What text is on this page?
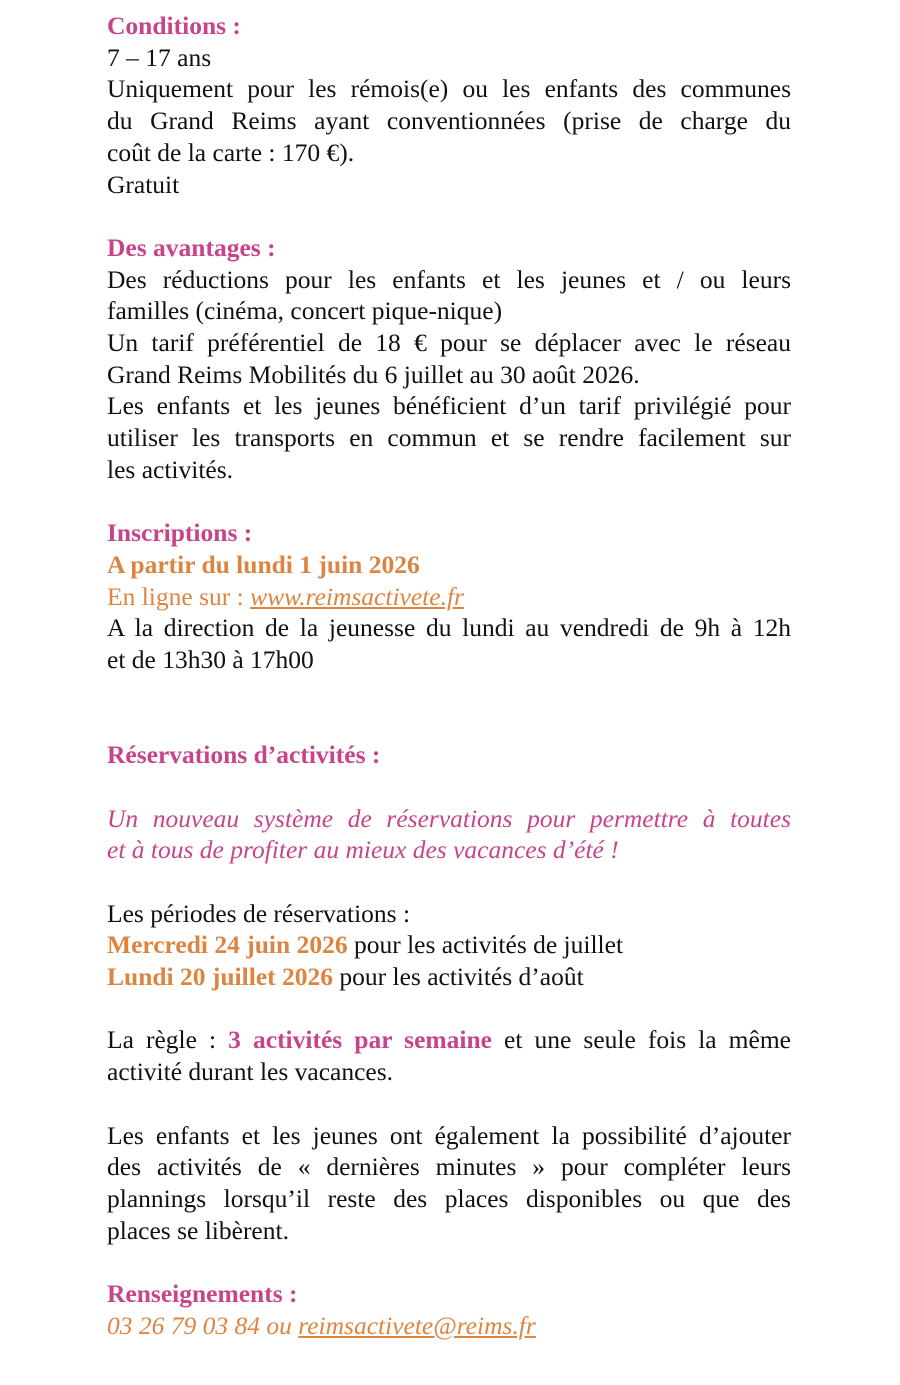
Conditions :
7 – 17 ans
Uniquement pour les rémois(e) ou les enfants des communes
du Grand Reims ayant conventionnées (prise de charge du
coût de la carte : 170 €).
Gratuit
Des avantages :
Des réductions pour les enfants et les jeunes et / ou leurs
familles (cinéma, concert pique-nique)
Un tarif préférentiel de 18 € pour se déplacer avec le réseau
Grand Reims Mobilités du 6 juillet au 30 août 2026.
Les enfants et les jeunes bénéficient d’un tarif privilégié pour
utiliser les transports en commun et se rendre facilement sur
les activités.
Inscriptions :
A partir du lundi 1 juin 2026
En ligne sur : www.reimsactivete.fr
A la direction de la jeunesse du lundi au vendredi de 9h à 12h
et de 13h30 à 17h00
Réservations d’activités :
Un nouveau système de réservations pour permettre à toutes
et à tous de profiter au mieux des vacances d’été !
Les périodes de réservations :
Mercredi 24 juin 2026 pour les activités de juillet
Lundi 20 juillet 2026 pour les activités d’août
La règle : 3 activités par semaine et une seule fois la même
activité durant les vacances.
Les enfants et les jeunes ont également la possibilité d’ajouter
des activités de « dernières minutes » pour compléter leurs
plannings lorsqu’il reste des places disponibles ou que des
places se libèrent.
Renseignements :
03 26 79 03 84 ou reimsactivete@reims.fr
